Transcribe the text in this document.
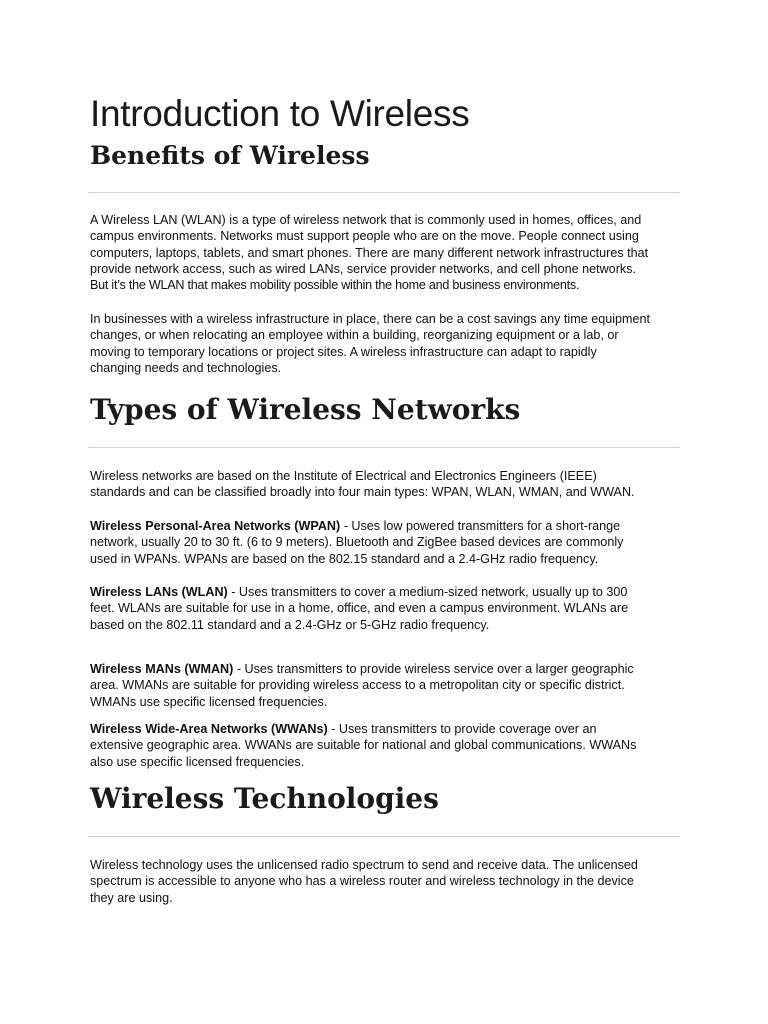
Introduction to Wireless
Benefits of Wireless
A Wireless LAN (WLAN) is a type of wireless network that is commonly used in homes, offices, and
campus environments. Networks must support people who are on the move. People connect using
computers, laptops, tablets, and smart phones. There are many different network infrastructures that
provide network access, such as wired LANs, service provider networks, and cell phone networks.
But it’s the WLAN that makes mobility possible within the home and business environments.
In businesses with a wireless infrastructure in place, there can be a cost savings any time equipment
changes, or when relocating an employee within a building, reorganizing equipment or a lab, or
moving to temporary locations or project sites. A wireless infrastructure can adapt to rapidly
changing needs and technologies.
Types of Wireless Networks
Wireless networks are based on the Institute of Electrical and Electronics Engineers (IEEE)
standards and can be classified broadly into four main types: WPAN, WLAN, WMAN, and WWAN.
Wireless Personal-Area Networks (WPAN) - Uses low powered transmitters for a short-range
network, usually 20 to 30 ft. (6 to 9 meters). Bluetooth and ZigBee based devices are commonly
used in WPANs. WPANs are based on the 802.15 standard and a 2.4-GHz radio frequency.
Wireless LANs (WLAN) - Uses transmitters to cover a medium-sized network, usually up to 300
feet. WLANs are suitable for use in a home, office, and even a campus environment. WLANs are
based on the 802.11 standard and a 2.4-GHz or 5-GHz radio frequency.
Wireless MANs (WMAN) - Uses transmitters to provide wireless service over a larger geographic
area. WMANs are suitable for providing wireless access to a metropolitan city or specific district.
WMANs use specific licensed frequencies.
Wireless Wide-Area Networks (WWANs) - Uses transmitters to provide coverage over an
extensive geographic area. WWANs are suitable for national and global communications. WWANs
also use specific licensed frequencies.
Wireless Technologies
Wireless technology uses the unlicensed radio spectrum to send and receive data. The unlicensed
spectrum is accessible to anyone who has a wireless router and wireless technology in the device
they are using.
